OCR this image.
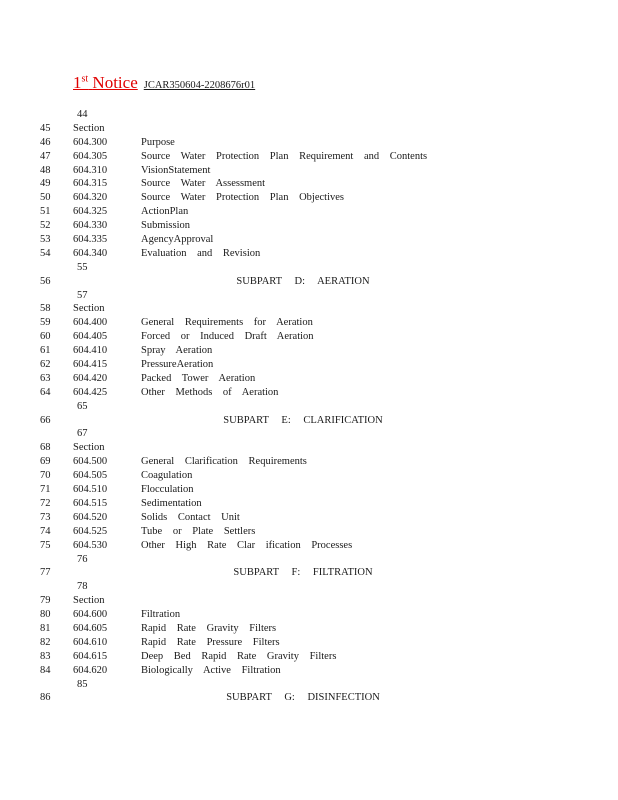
1st Notice JCAR350604-2208676r01
44
45 Section
46 604.300	Purpose
47 604.305	Source Water Protection Plan Requirement and Contents
48 604.310	VisionStatement
49 604.315	Source Water Assessment
50 604.320	Source Water Protection Plan Objectives
51 604.325	ActionPlan
52 604.330	Submission
53 604.335	AgencyApproval
54 604.340	Evaluation and Revision
55
56	SUBPART D: AERATION
57
58 Section
59 604.400	General Requirements for Aeration
60 604.405	Forced or Induced Draft Aeration
61 604.410	Spray Aeration
62 604.415	PressureAeration
63 604.420	Packed Tower Aeration
64 604.425	Other Methods of Aeration
65
66	SUBPART E: CLARIFICATION
67
68 Section
69 604.500	General Clarification Requirements
70 604.505	Coagulation
71 604.510	Flocculation
72 604.515	Sedimentation
73 604.520	Solids Contact Unit
74 604.525	Tube or Plate Settlers
75 604.530	Other High Rate Clar ification Processes
76
77	SUBPART F: FILTRATION
78
79 Section
80 604.600	Filtration
81 604.605	Rapid Rate Gravity Filters
82 604.610	Rapid Rate Pressure Filters
83 604.615	Deep Bed Rapid Rate Gravity Filters
84 604.620	Biologically Active Filtration
85
86	SUBPART G: DISINFECTION
